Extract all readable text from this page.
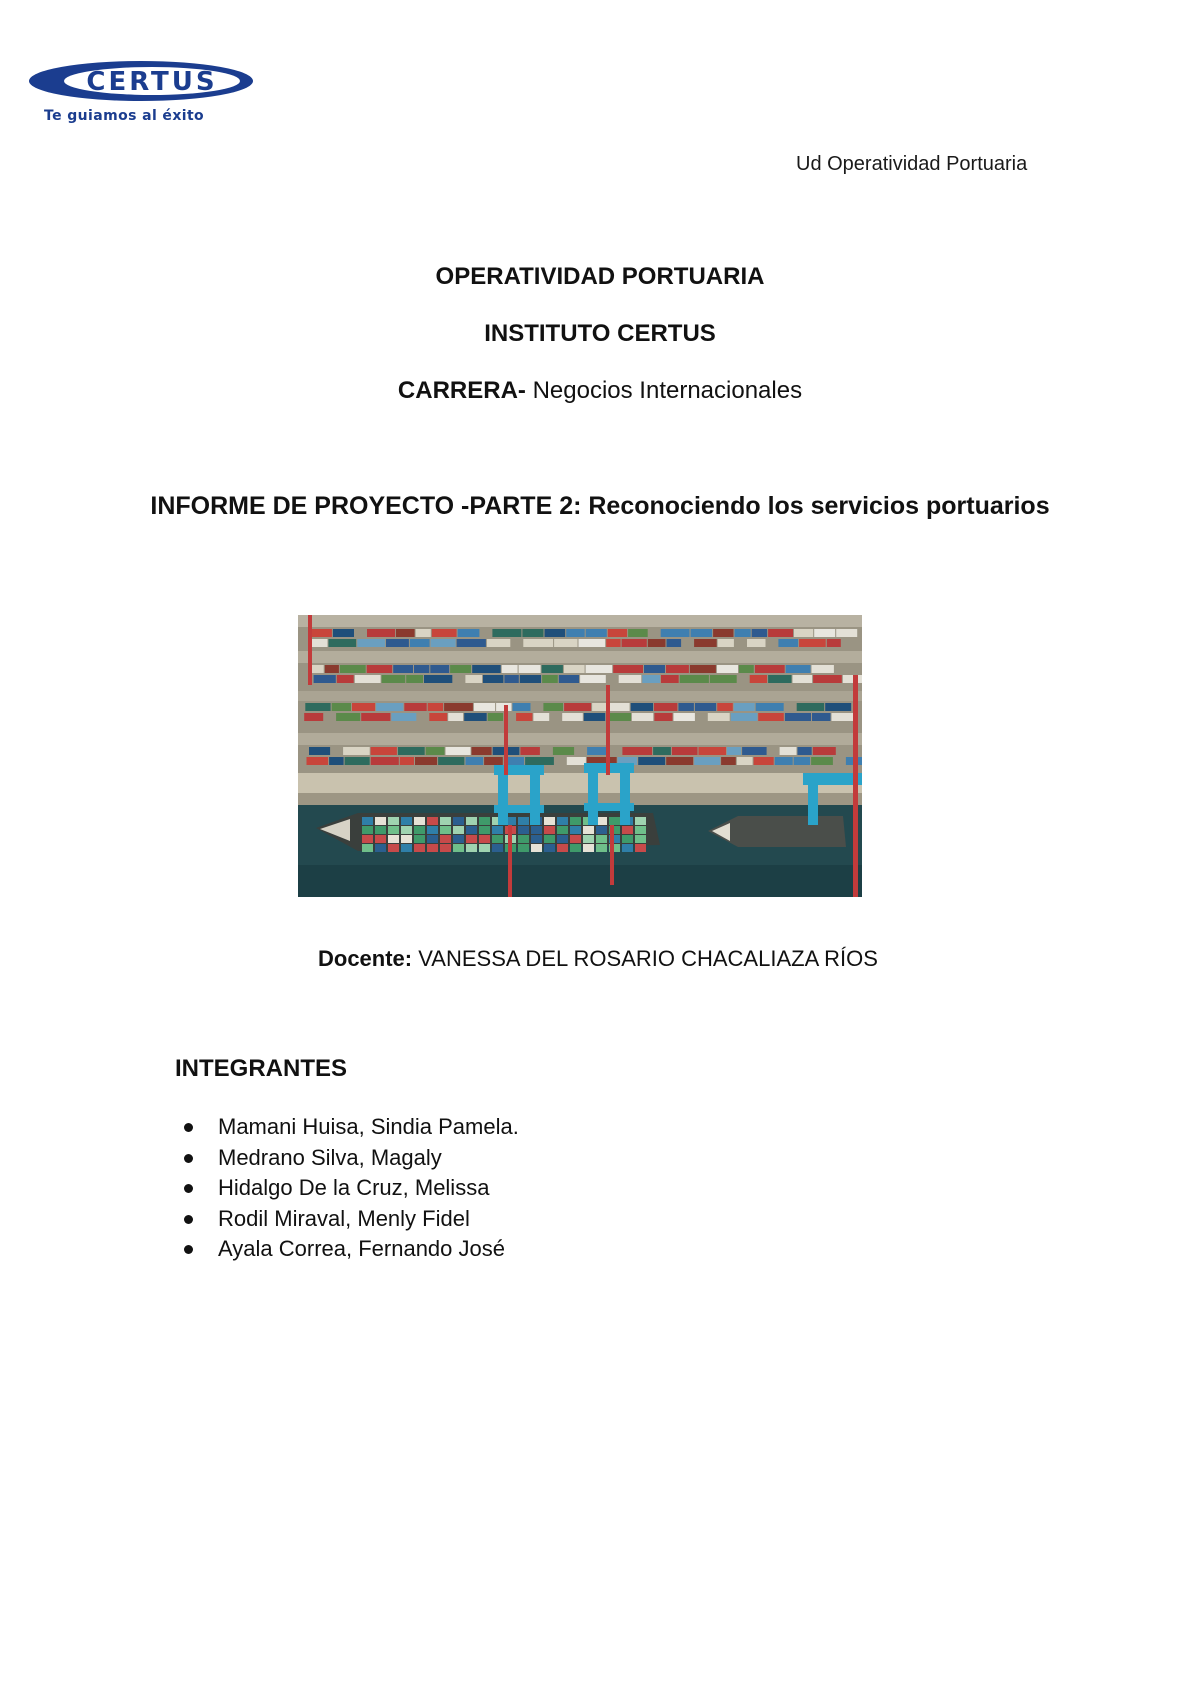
CERTUS
Te guiamos al éxito
Ud Operatividad Portuaria
OPERATIVIDAD PORTUARIA
INSTITUTO CERTUS
CARRERA- Negocios Internacionales
INFORME DE PROYECTO -PARTE 2: Reconociendo los servicios portuarios
Docente: VANESSA DEL ROSARIO CHACALIAZA RÍOS
INTEGRANTES
Mamani Huisa, Sindia Pamela.
Medrano Silva, Magaly
Hidalgo De la Cruz, Melissa
Rodil Miraval, Menly Fidel
Ayala Correa, Fernando José
